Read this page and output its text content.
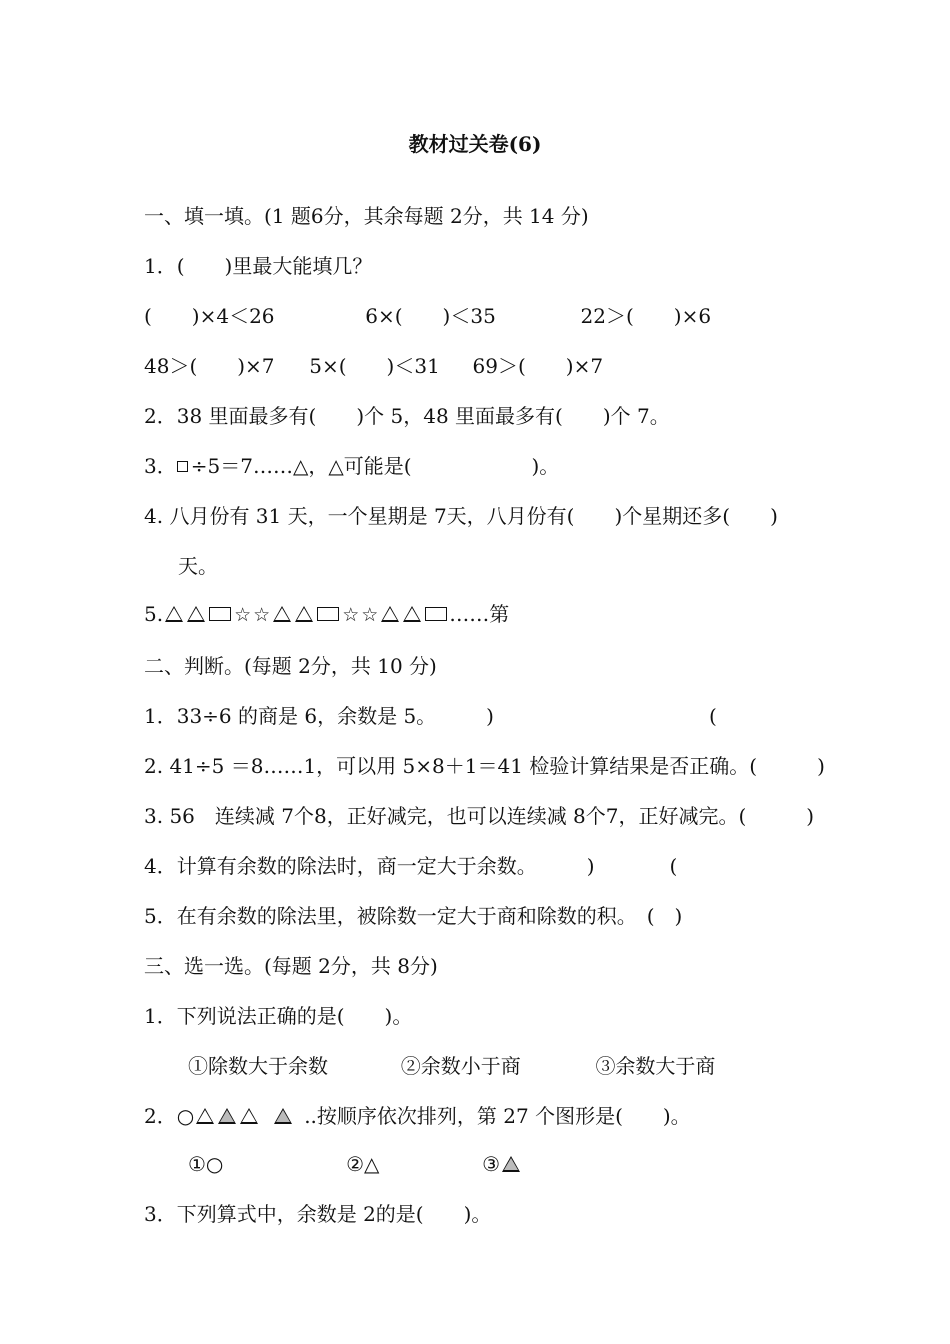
教材过关卷(6)
一、填一填。(1 题6分，其余每题 2分，共 14 分)
1．(　　)里最大能填几？
(　　)×4＜26	6×(　　)＜35	22＞(　　)×6
48＞(　　)×7 5×(　　)＜31 69＞(　　)×7
2．38 里面最多有(　　)个 5，48 里面最多有(　　)个 7。
3． ÷5＝7……△，△可能是(　　　　　　)。
4. 八月份有 31 天，一个星期是 7天，八月份有(　　)个星期还多(　　)
天。
5.	☆ ☆	☆ ☆	……第
二、判断。(每题 2分，共 10 分)
1．33÷6 的商是 6，余数是 5。　　　)	(
2. 41÷5 ＝8……1，可以用 5×8＋1＝41 检验计算结果是否正确。(　　　)
3. 56　连续减 7个8，正好减完，也可以连续减 8个7，正好减完。(　　　)
4．计算有余数的除法时，商一定大于余数。　　　)	(
5．在有余数的除法里，被除数一定大于商和除数的积。　(　)
三、选一选。(每题 2分，共 8分)
1．下列说法正确的是(　　)。
①除数大于余数	②余数小于商	③余数大于商
2．○	..按顺序依次排列，第 27 个图形是(　　)。
①○	②△	③
3．下列算式中，余数是 2的是(　　)。
